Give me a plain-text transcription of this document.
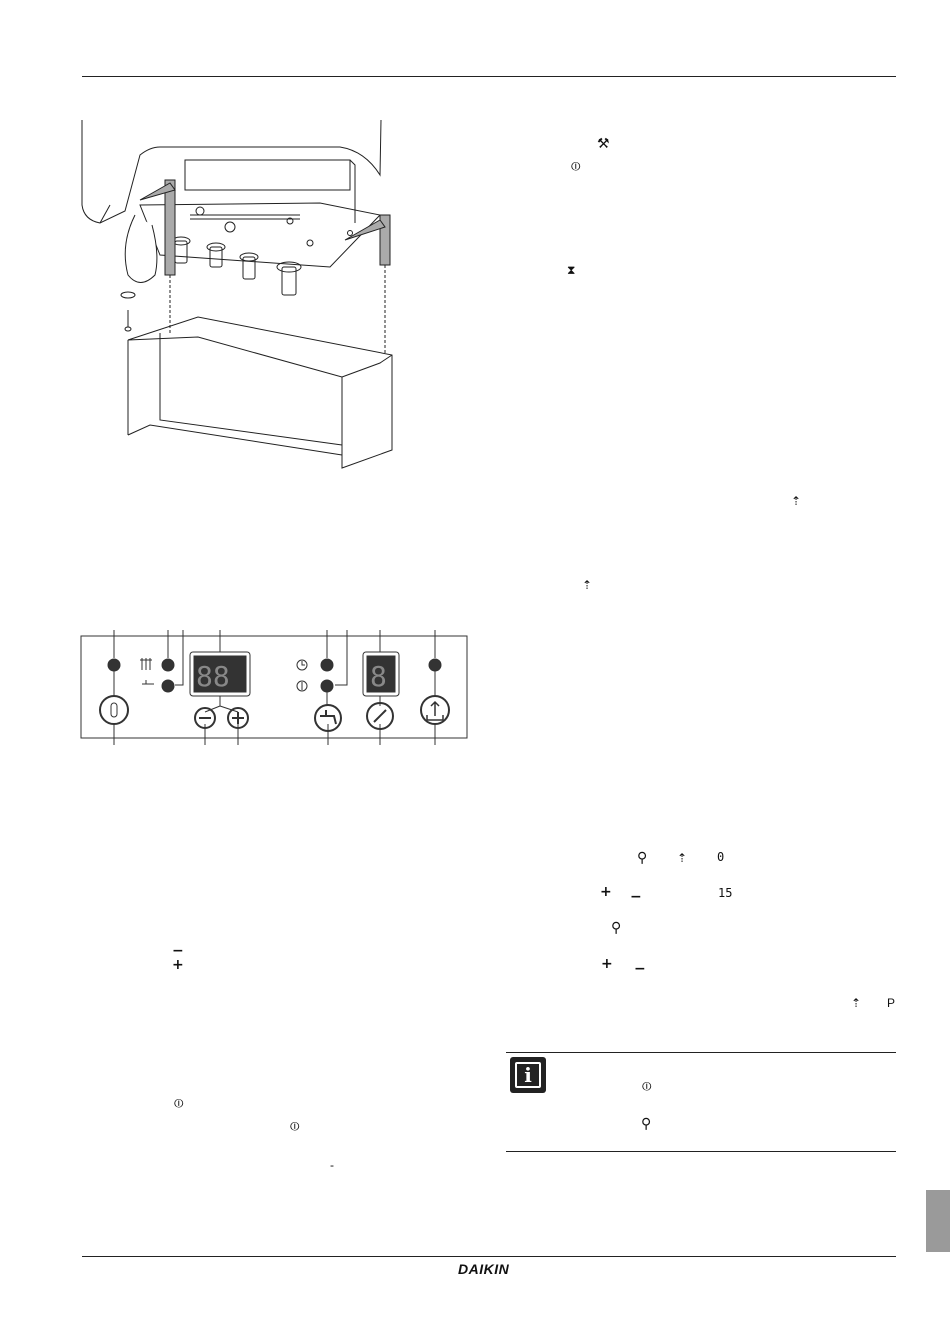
88	8
⚒
⏼
⧗
⇡
⇡
⚲ ⇡ 0
+ −	15
⚲
+ −
⇡ P
−
+
⏼
⏼
-
i	⏼
⚲
DAIKIN
